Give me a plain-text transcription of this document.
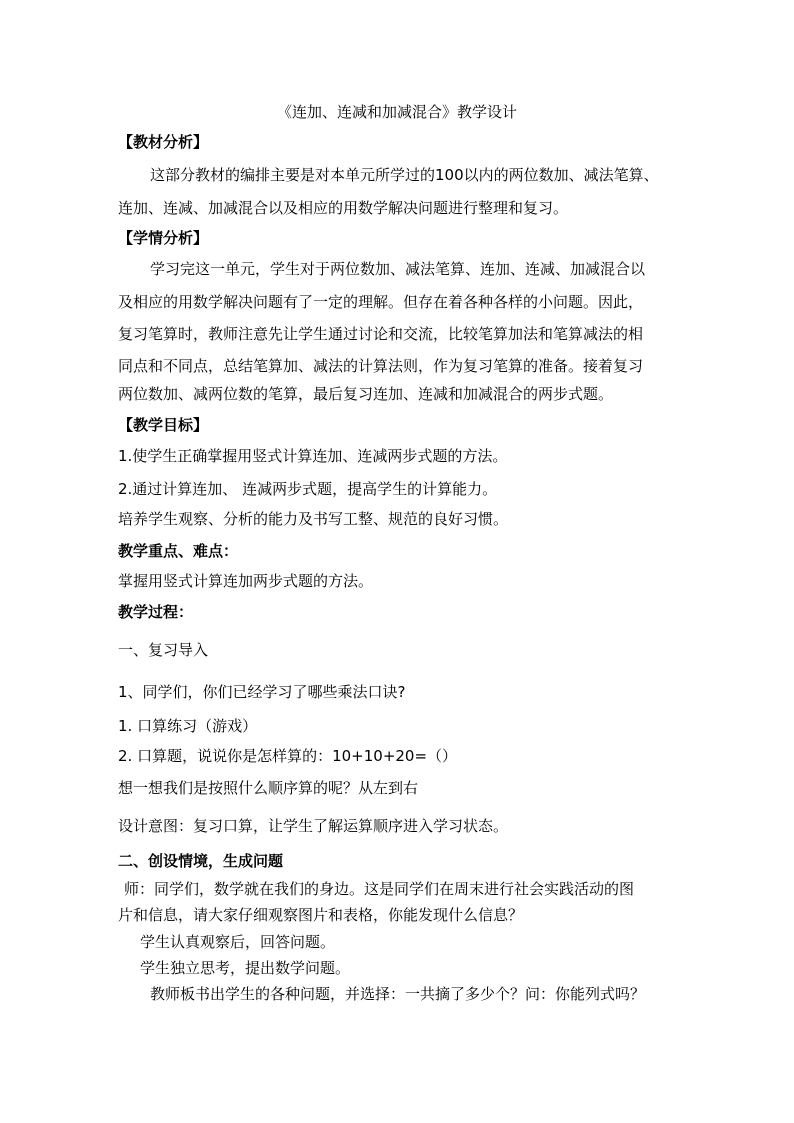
《连加、连减和加减混合》教学设计
【教材分析】
这部分教材的编排主要是对本单元所学过的100以内的两位数加、减法笔算、
连加、连减、加减混合以及相应的用数学解决问题进行整理和复习。
【学情分析】
学习完这一单元，学生对于两位数加、减法笔算、连加、连减、加减混合以
及相应的用数学解决问题有了一定的理解。但存在着各种各样的小问题。因此，
复习笔算时，教师注意先让学生通过讨论和交流，比较笔算加法和笔算减法的相
同点和不同点，总结笔算加、减法的计算法则，作为复习笔算的准备。接着复习
两位数加、减两位数的笔算，最后复习连加、连减和加减混合的两步式题。
【教学目标】
1.使学生正确掌握用竖式计算连加、连减两步式题的方法。
2.通过计算连加、 连减两步式题，提高学生的计算能力。
培养学生观察、分析的能力及书写工整、规范的良好习惯。
教学重点、难点：
掌握用竖式计算连加两步式题的方法。
教学过程：
一、复习导入
1、同学们，你们已经学习了哪些乘法口诀?
1. 口算练习（游戏）
2. 口算题，说说你是怎样算的：10+10+20=（）
想一想我们是按照什么顺序算的呢？从左到右
设计意图：复习口算，让学生了解运算顺序进入学习状态。
二、创设情境，生成问题
师：同学们，数学就在我们的身边。这是同学们在周末进行社会实践活动的图
片和信息，请大家仔细观察图片和表格，你能发现什么信息？
学生认真观察后，回答问题。
学生独立思考，提出数学问题。
教师板书出学生的各种问题，并选择：一共摘了多少个？问：你能列式吗？
